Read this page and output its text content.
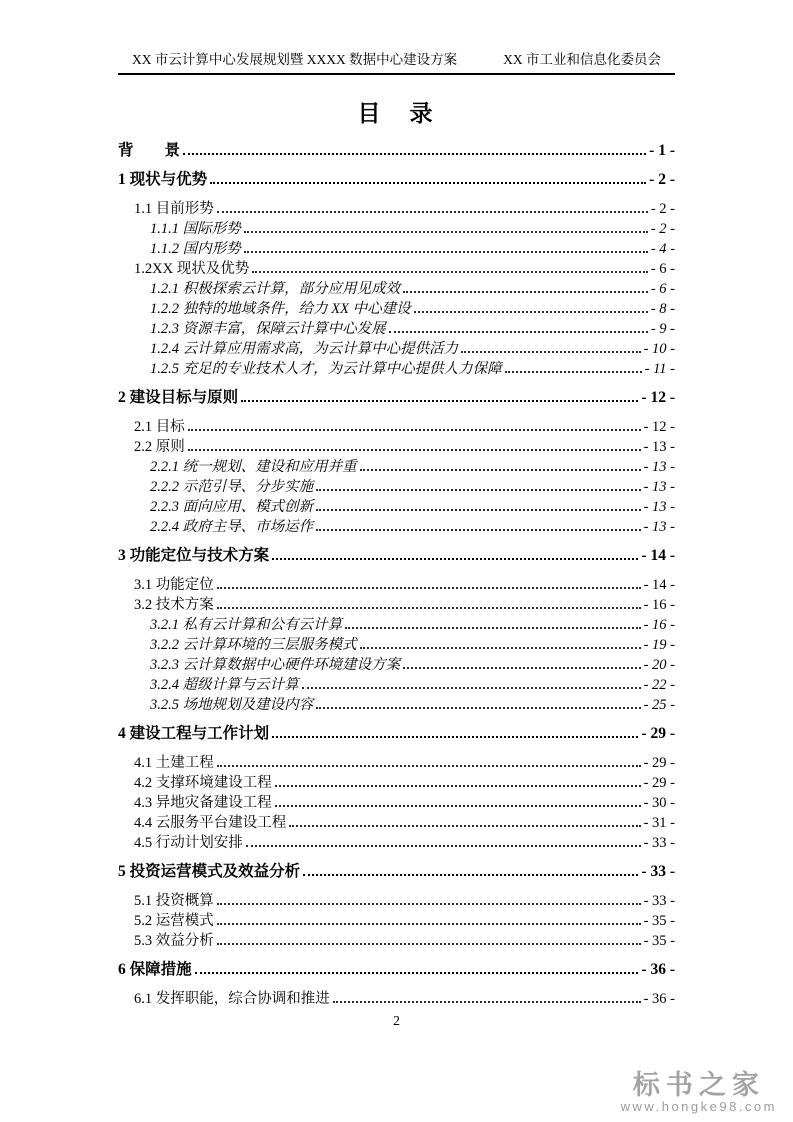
XX 市云计算中心发展规划暨 XXXX 数据中心建设方案	XX 市工业和信息化委员会
目　录
背　　景	- 1 -
1 现状与优势	- 2 -
1.1 目前形势	- 2 -
1.1.1 国际形势	- 2 -
1.1.2 国内形势	- 4 -
1.2XX 现状及优势	- 6 -
1.2.1 积极探索云计算，部分应用见成效	- 6 -
1.2.2 独特的地域条件，给力 XX 中心建设	- 8 -
1.2.3 资源丰富，保障云计算中心发展	- 9 -
1.2.4 云计算应用需求高，为云计算中心提供活力	- 10 -
1.2.5 充足的专业技术人才，为云计算中心提供人力保障	- 11 -
2 建设目标与原则	- 12 -
2.1 目标	- 12 -
2.2 原则	- 13 -
2.2.1 统一规划、建设和应用并重	- 13 -
2.2.2 示范引导、分步实施	- 13 -
2.2.3 面向应用、模式创新	- 13 -
2.2.4 政府主导、市场运作	- 13 -
3 功能定位与技术方案	- 14 -
3.1 功能定位	- 14 -
3.2 技术方案	- 16 -
3.2.1 私有云计算和公有云计算	- 16 -
3.2.2 云计算环境的三层服务模式	- 19 -
3.2.3 云计算数据中心硬件环境建设方案	- 20 -
3.2.4 超级计算与云计算	- 22 -
3.2.5 场地规划及建设内容	- 25 -
4 建设工程与工作计划	- 29 -
4.1 土建工程	- 29 -
4.2 支撑环境建设工程	- 29 -
4.3 异地灾备建设工程	- 30 -
4.4 云服务平台建设工程	- 31 -
4.5 行动计划安排	- 33 -
5 投资运营模式及效益分析	- 33 -
5.1 投资概算	- 33 -
5.2 运营模式	- 35 -
5.3 效益分析	- 35 -
6 保障措施	- 36 -
6.1 发挥职能，综合协调和推进	- 36 -
2
标书之家
www.hongke98.com
